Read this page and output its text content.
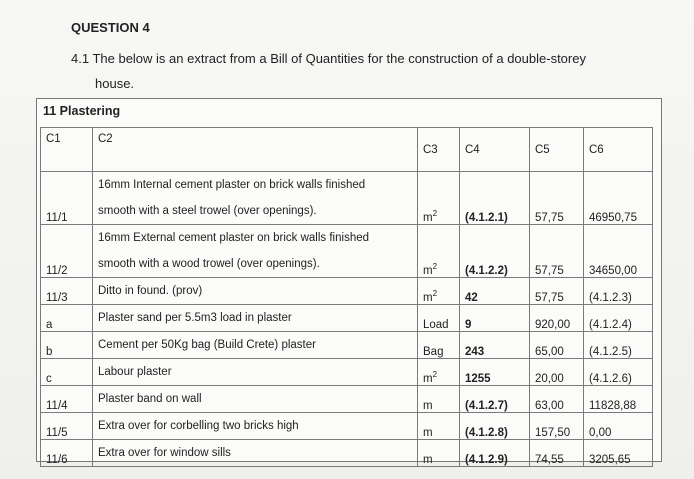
QUESTION 4
4.1 The below is an extract from a Bill of Quantities for the construction of a double-storey
house.
11 Plastering
C1	C2	C3	C4	C5	C6
11/1	16mm Internal cement plaster on brick walls finished
smooth with a steel trowel (over openings).	$m^2$	(4.1.2.1)	57,75	46950,75
11/2	16mm External cement plaster on brick walls finished
smooth with a wood trowel (over openings).	$m^2$	(4.1.2.2)	57,75	34650,00
11/3	Ditto in found. (prov)	$m^2$	42	57,75	(4.1.2.3)
a	Plaster sand per 5.5m3 load in plaster	Load	9	920,00	(4.1.2.4)
b	Cement per 50Kg bag (Build Crete) plaster	Bag	243	65,00	(4.1.2.5)
c	Labour plaster	$m^2$	1255	20,00	(4.1.2.6)
11/4	Plaster band on wall	m	(4.1.2.7)	63,00	11828,88
11/5	Extra over for corbelling two bricks high	m	(4.1.2.8)	157,50	0,00
11/6	Extra over for window sills	m	(4.1.2.9)	74,55	3205,65
